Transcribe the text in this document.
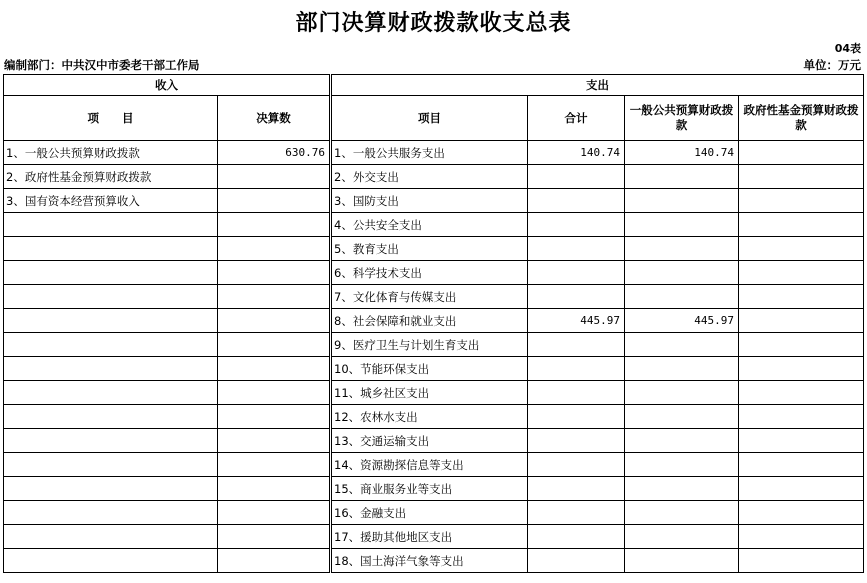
部门决算财政拨款收支总表
04表
编制部门：中共汉中市委老干部工作局	单位：万元
收入			支出			
项　　目	决算数		项目	合计	一般公共预算财政拨款	政府性基金预算财政拨款
1、一般公共预算财政拨款	630.76		1、一般公共服务支出	140.74	140.74	
2、政府性基金预算财政拨款			2、外交支出			
3、国有资本经营预算收入			3、国防支出			
			4、公共安全支出			
			5、教育支出			
			6、科学技术支出			
			7、文化体育与传媒支出			
			8、社会保障和就业支出	445.97	445.97	
			9、医疗卫生与计划生育支出			
			10、节能环保支出			
			11、城乡社区支出			
			12、农林水支出			
			13、交通运输支出			
			14、资源勘探信息等支出			
			15、商业服务业等支出			
			16、金融支出			
			17、援助其他地区支出			
			18、国土海洋气象等支出			
